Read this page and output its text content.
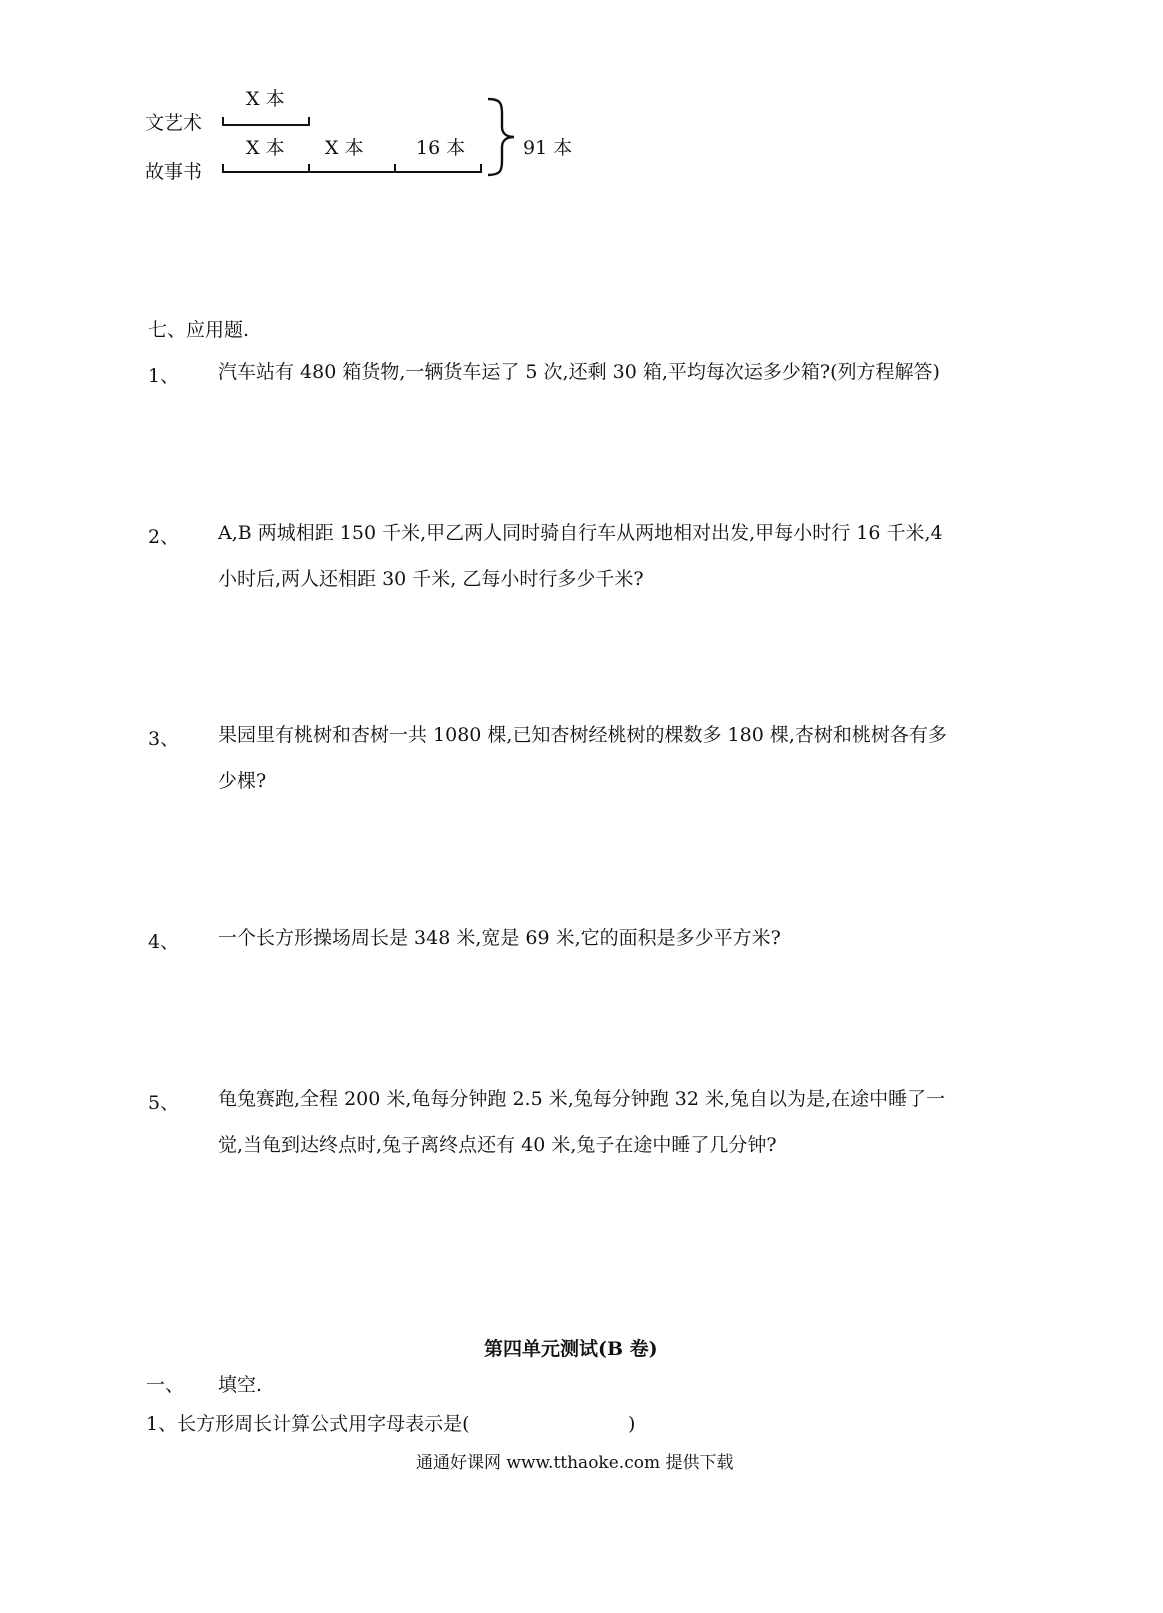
X 本
文艺术
X 本 X 本	16 本
故事书
91 本
七、应用题.
1、 汽车站有 480 箱货物,一辆货车运了 5 次,还剩 30 箱,平均每次运多少箱?(列方程解答)
2、 A,B 两城相距 150 千米,甲乙两人同时骑自行车从两地相对出发,甲每小时行 16 千米,4
小时后,两人还相距 30 千米, 乙每小时行多少千米?
3、 果园里有桃树和杏树一共 1080 棵,已知杏树经桃树的棵数多 180 棵,杏树和桃树各有多
少棵?
4、 一个长方形操场周长是 348 米,宽是 69 米,它的面积是多少平方米?
5、 龟兔赛跑,全程 200 米,龟每分钟跑 2.5 米,兔每分钟跑 32 米,兔自以为是,在途中睡了一
觉,当龟到达终点时,兔子离终点还有 40 米,兔子在途中睡了几分钟?
第四单元测试(B 卷)
一、 填空.
1、长方形周长计算公式用字母表示是(	)
通通好课网 www.tthaoke.com 提供下载
